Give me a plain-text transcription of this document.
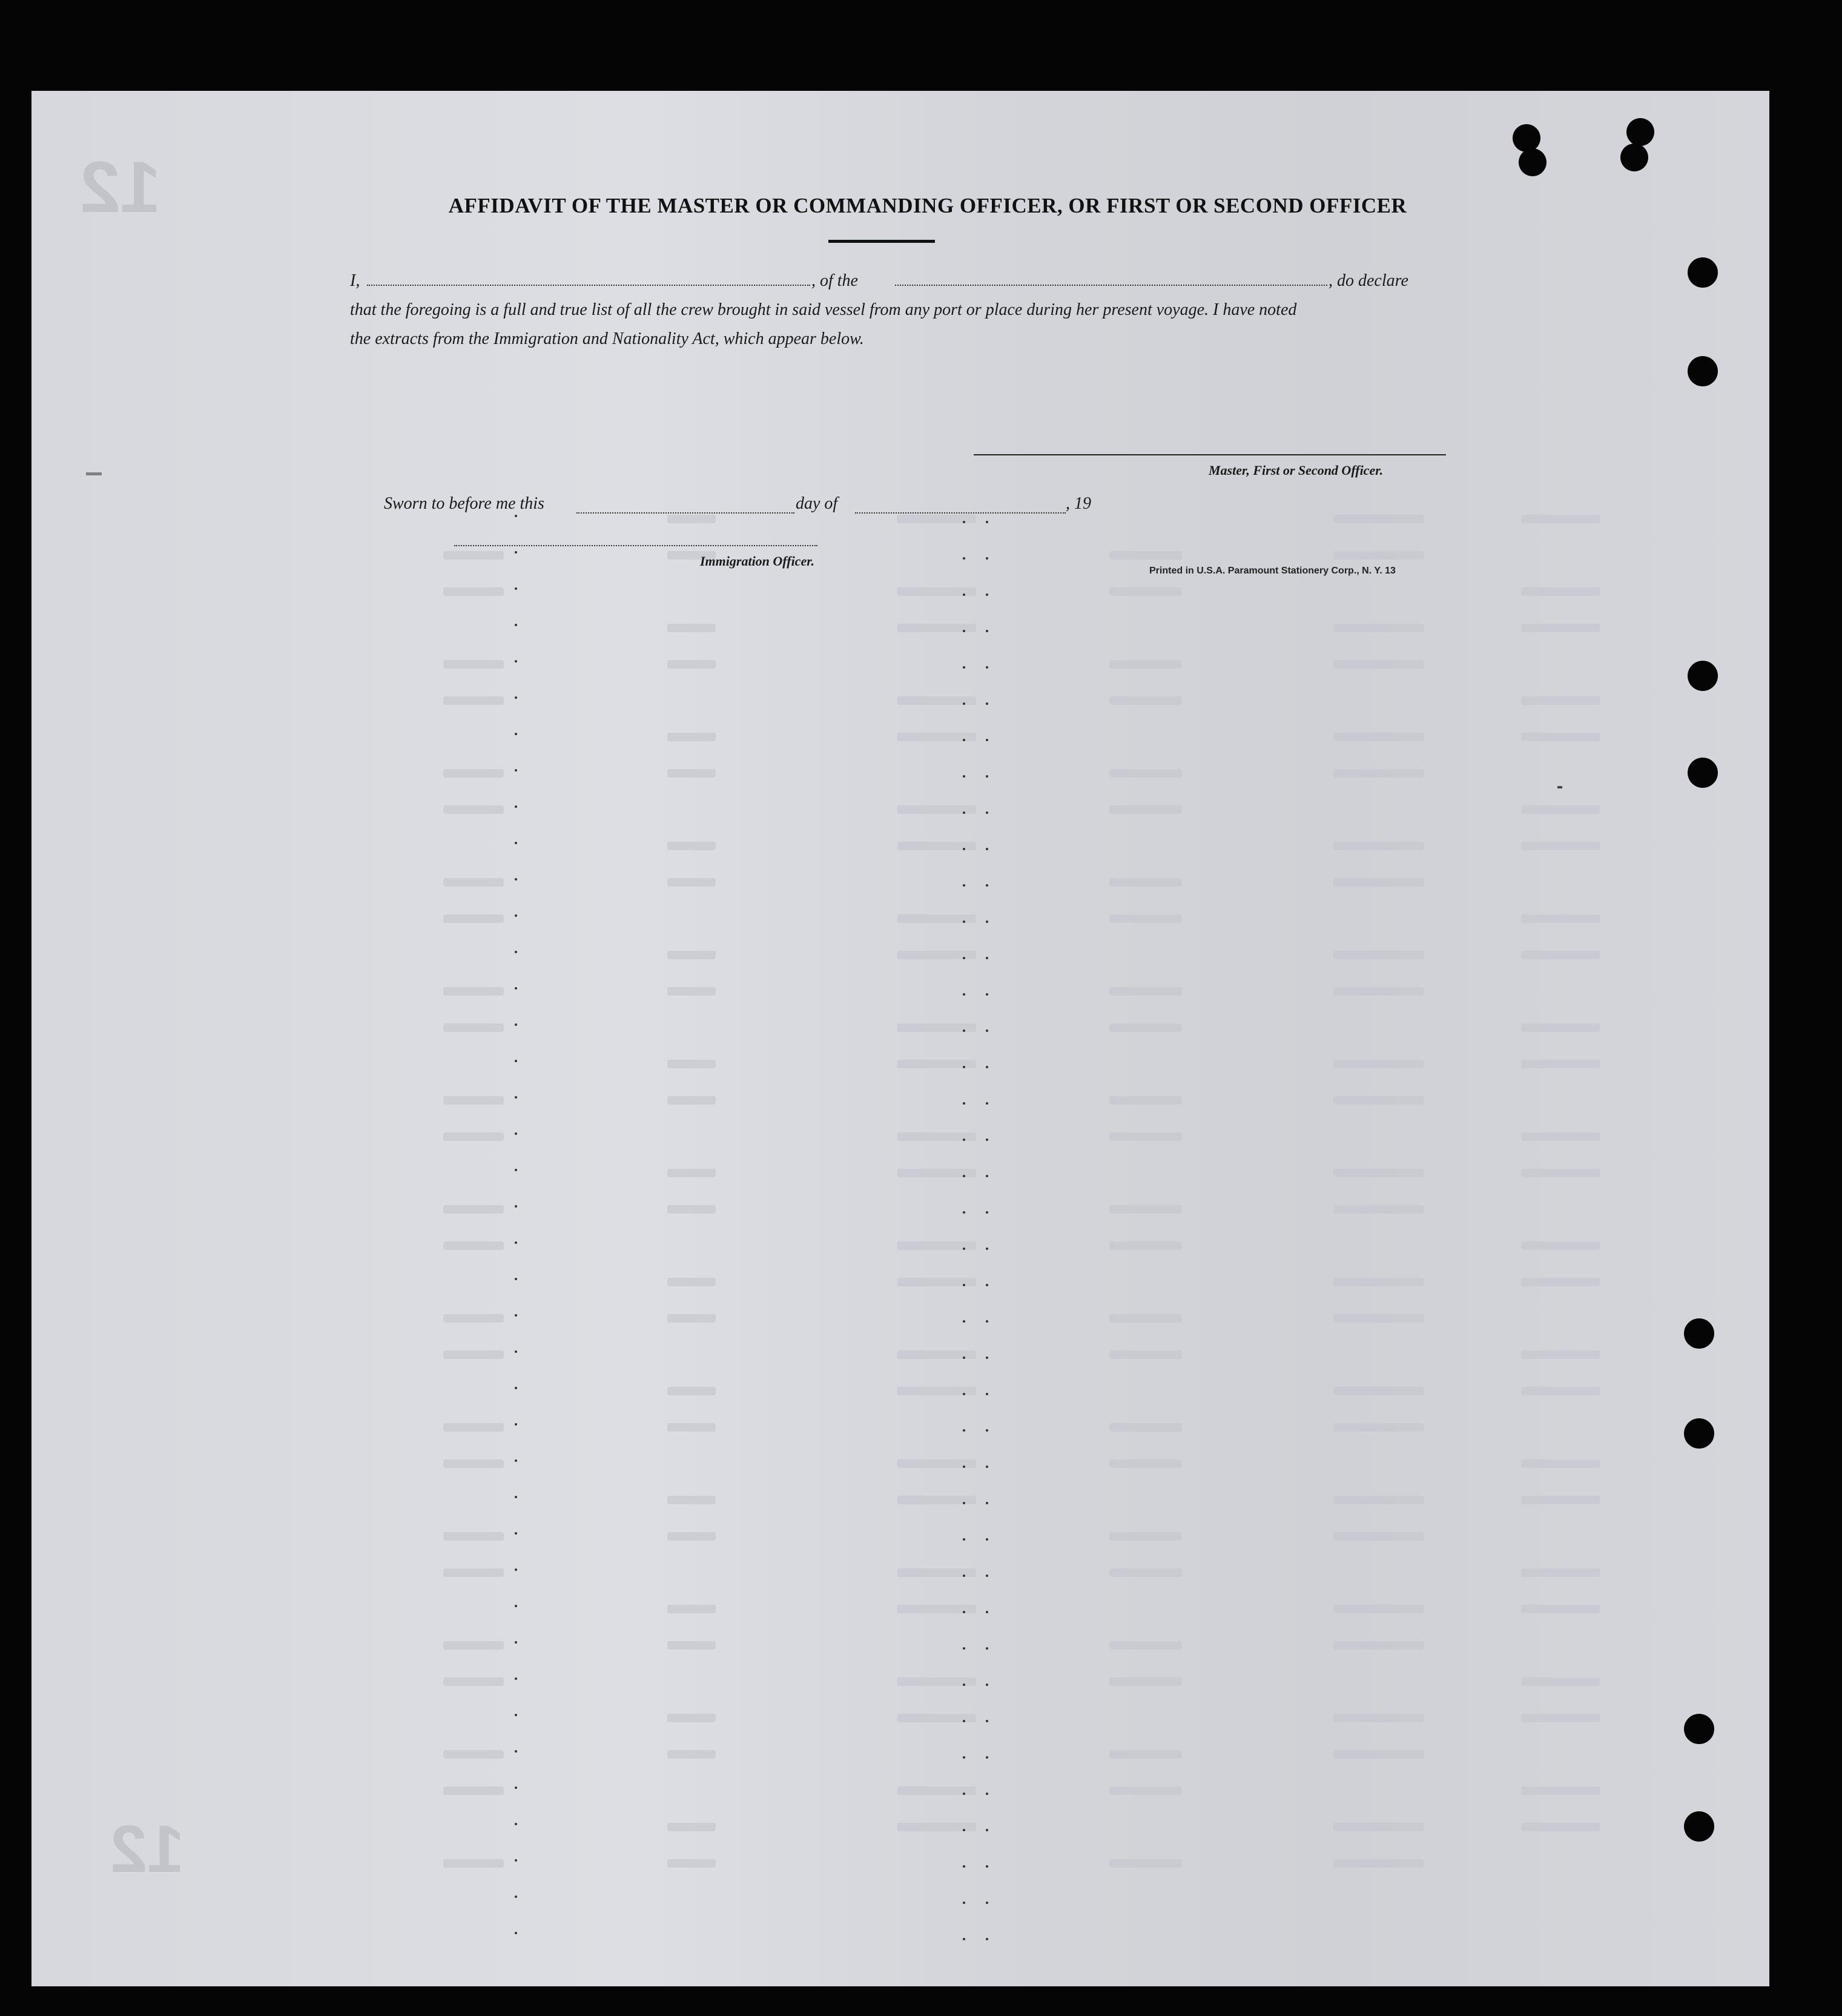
12
12
AFFIDAVIT OF THE MASTER OR COMMANDING OFFICER, OR FIRST OR SECOND OFFICER
I,	, of the	, do declare
that the foregoing is a full and true list of all the crew brought in said vessel from any port or place during her present voyage. I have noted
the extracts from the Immigration and Nationality Act, which appear below.
Master, First or Second Officer.
Sworn to before me this	day of	, 19
Immigration Officer.
Printed in U.S.A. Paramount Stationery Corp., N. Y. 13
